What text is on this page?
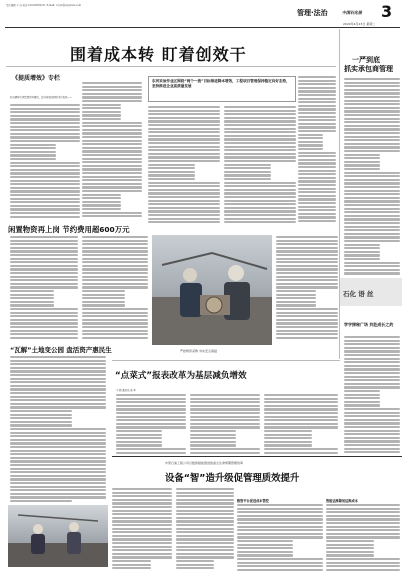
责任编辑 王 涛 电话 010-68520311 E-mail: ccyyb@zgcjxww.com
2024年4月23日 星期二
管理·法治	中国石化报 3
围着成本转 盯着创效干
《提质增效》专栏
队伍精神引领思想作风建设，提升质效的同时守住底线——
东河采油作业区围绕“两个一流”目标推进降本增效，工程项目管理保持稳定向好态势，坚持推进企业高质量发展
闲置物资再上岗 节约费用超600万元
严控物资采购 夯实安全基础
一严到底
抓实承包商管理
石化 语 丝
学字探秘广场 共赴成长之约
“瓦解”土地变公园 盘活资产惠民生
“点菜式”报表改革为基层减负增效
王 晓 通讯员 张 华
中原石油工程公司以数智赋能推进装备全生命周期管理改革
设备“智”造升级促管理质效提升
数智平台促进成本管控	智能运维降低运维成本
